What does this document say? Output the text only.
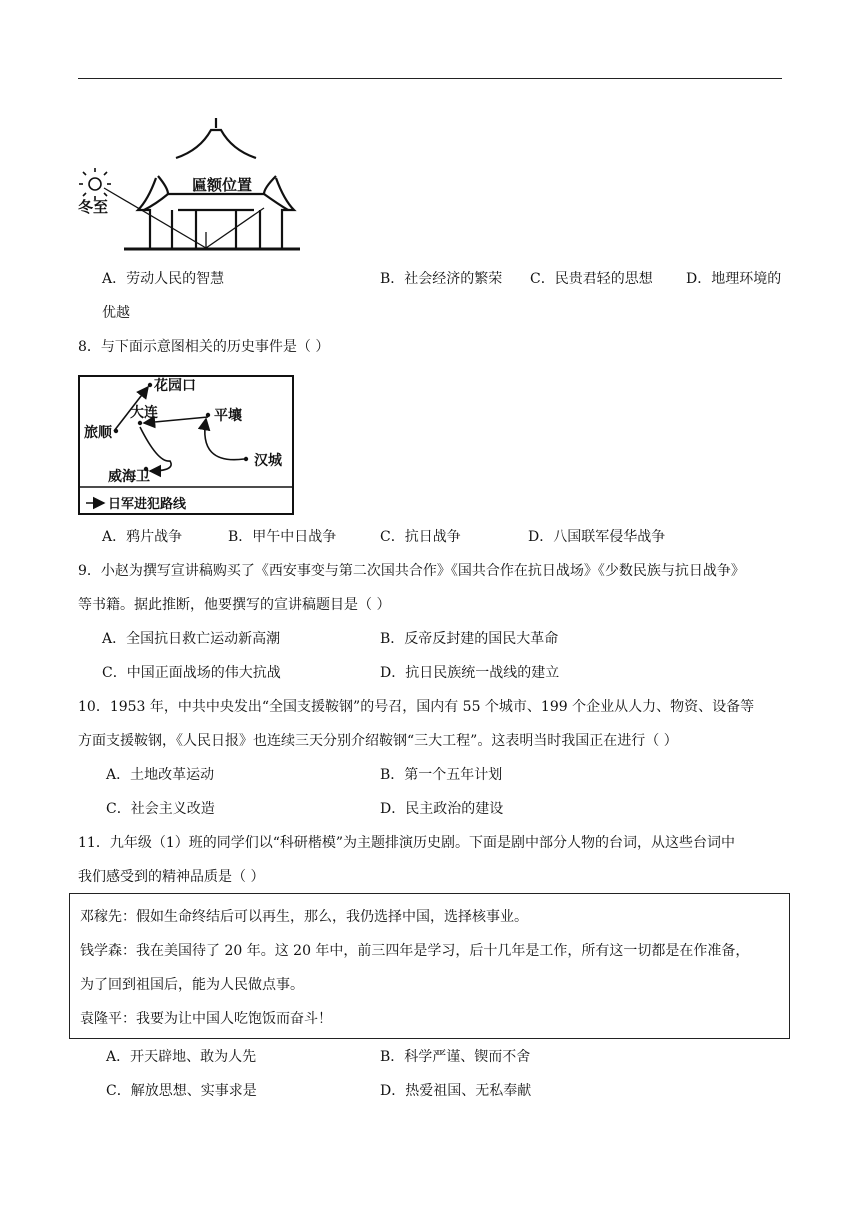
冬至
匾额位置
A．劳动人民的智慧	B．社会经济的繁荣 C．民贵君轻的思想 D．地理环境的
优越
8．与下面示意图相关的历史事件是（ ）
花园口
大连	平壤
旅顺
汉城
威海卫
日军进犯路线
A．鸦片战争	B．甲午中日战争	C．抗日战争	D．八国联军侵华战争
9．小赵为撰写宣讲稿购买了《西安事变与第二次国共合作》《国共合作在抗日战场》《少数民族与抗日战争》
等书籍。据此推断，他要撰写的宣讲稿题目是（ ）
A．全国抗日救亡运动新高潮	B．反帝反封建的国民大革命
C．中国正面战场的伟大抗战	D．抗日民族统一战线的建立
10．1953 年，中共中央发出“全国支援鞍钢”的号召，国内有 55 个城市、199 个企业从人力、物资、设备等
方面支援鞍钢，《人民日报》也连续三天分别介绍鞍钢“三大工程”。这表明当时我国正在进行（ ）
A．土地改革运动	B．第一个五年计划
C．社会主义改造	D．民主政治的建设
11．九年级（1）班的同学们以“科研楷模”为主题排演历史剧。下面是剧中部分人物的台词，从这些台词中
我们感受到的精神品质是（ ）
邓稼先：假如生命终结后可以再生，那么，我仍选择中国，选择核事业。
钱学森：我在美国待了 20 年。这 20 年中，前三四年是学习，后十几年是工作，所有这一切都是在作准备，
为了回到祖国后，能为人民做点事。
袁隆平：我要为让中国人吃饱饭而奋斗！
A．开天辟地、敢为人先	B．科学严谨、锲而不舍
C．解放思想、实事求是	D．热爱祖国、无私奉献
